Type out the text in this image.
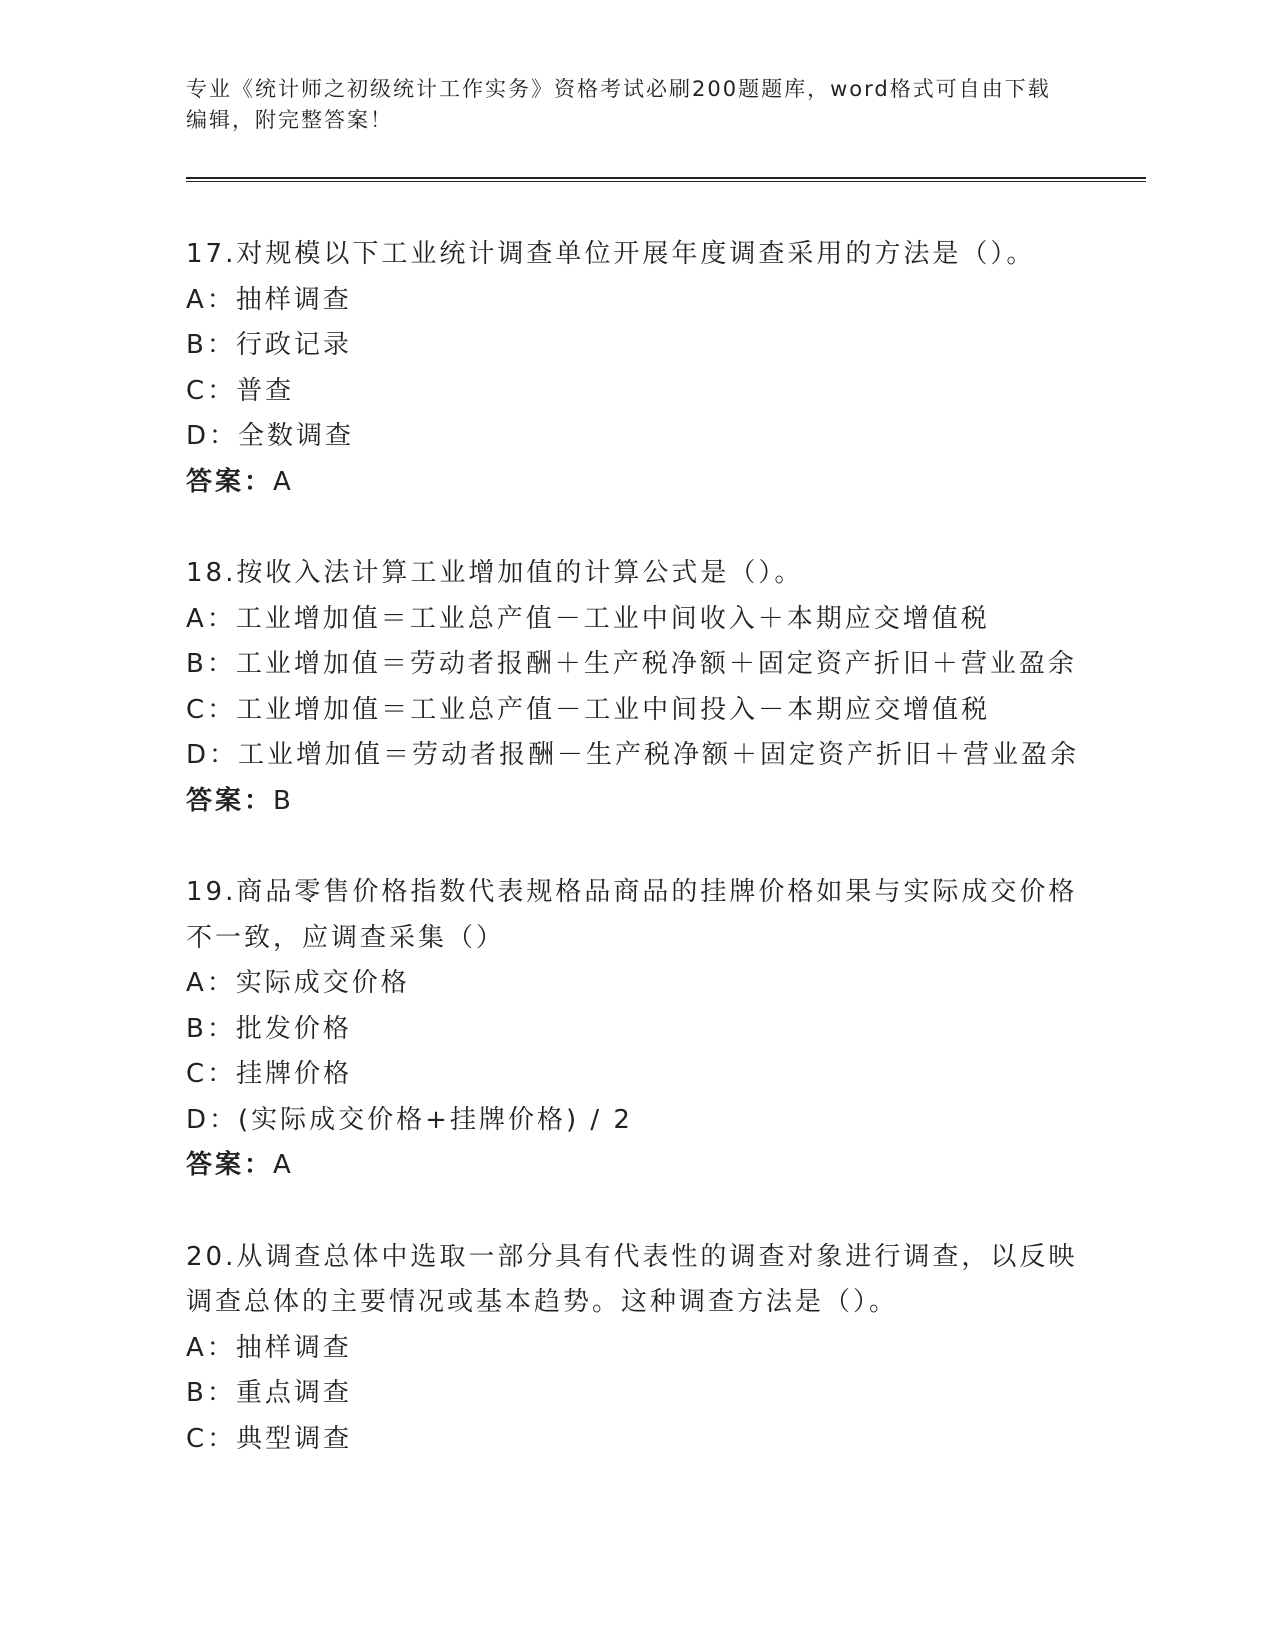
专业《统计师之初级统计工作实务》资格考试必刷200题题库，word格式可自由下载编辑，附完整答案！
17.对规模以下工业统计调查单位开展年度调查采用的方法是（）。
A：抽样调查
B：行政记录
C：普查
D：全数调查
答案：A
18.按收入法计算工业增加值的计算公式是（）。
A：工业增加值＝工业总产值－工业中间收入＋本期应交增值税
B：工业增加值＝劳动者报酬＋生产税净额＋固定资产折旧＋营业盈余
C：工业增加值＝工业总产值－工业中间投入－本期应交增值税
D：工业增加值＝劳动者报酬－生产税净额＋固定资产折旧＋营业盈余
答案：B
19.商品零售价格指数代表规格品商品的挂牌价格如果与实际成交价格不一致，应调查采集（）
A：实际成交价格
B：批发价格
C：挂牌价格
D：(实际成交价格+挂牌价格) / 2
答案：A
20.从调查总体中选取一部分具有代表性的调查对象进行调查，以反映调查总体的主要情况或基本趋势。这种调查方法是（）。
A：抽样调查
B：重点调查
C：典型调查
